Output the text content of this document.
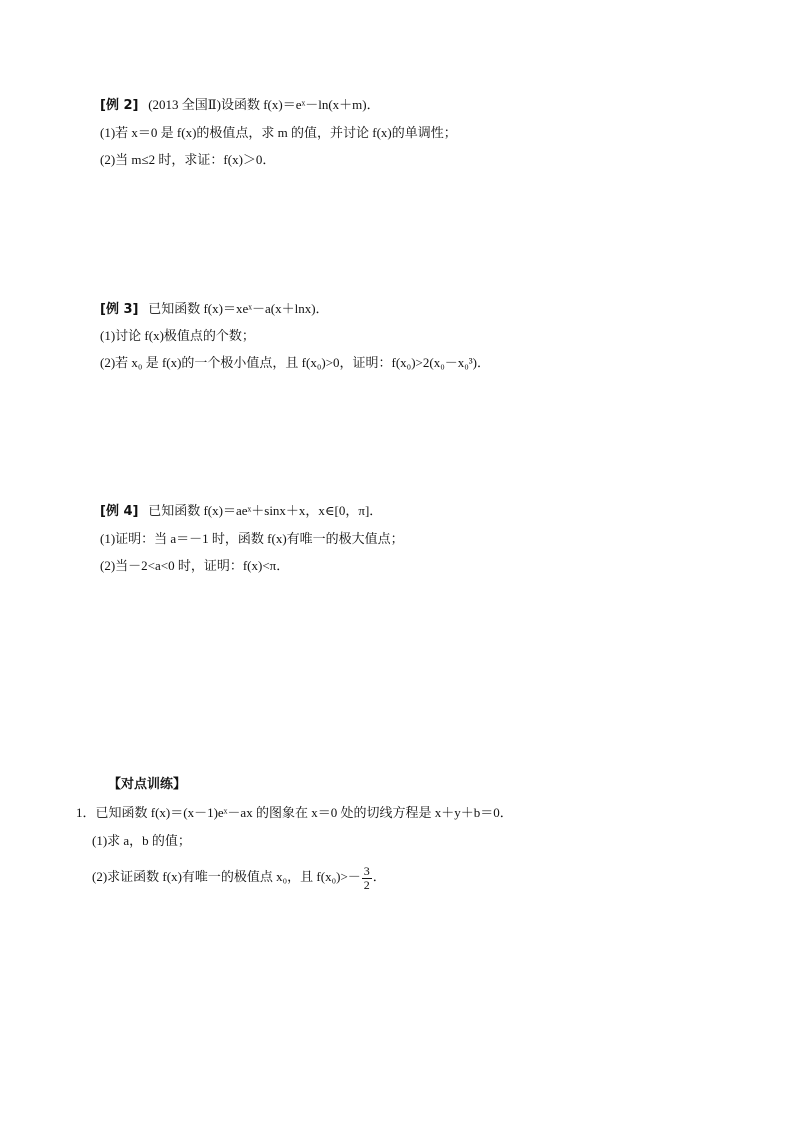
[例 2] (2013 全国Ⅱ)设函数 f(x)＝eˣ－ln(x＋m)．
(1)若 x＝0 是 f(x)的极值点，求 m 的值，并讨论 f(x)的单调性；
(2)当 m≤2 时，求证：f(x)＞0．
[例 3] 已知函数 f(x)＝xeˣ－a(x＋lnx)．
(1)讨论 f(x)极值点的个数；
(2)若 x₀ 是 f(x)的一个极小值点，且 f(x₀)>0，证明：f(x₀)>2(x₀－x₀³)．
[例 4] 已知函数 f(x)＝aeˣ＋sinx＋x，x∈[0，π]．
(1)证明：当 a＝－1 时，函数 f(x)有唯一的极大值点；
(2)当－2<a<0 时，证明：f(x)<π．
【对点训练】
1．已知函数 f(x)＝(x－1)eˣ－ax 的图象在 x＝0 处的切线方程是 x＋y＋b＝0．
(1)求 a，b 的值；
(2)求证函数 f(x)有唯一的极值点 x₀，且 $f(x_0)>- \frac{3}{2}$ ．
